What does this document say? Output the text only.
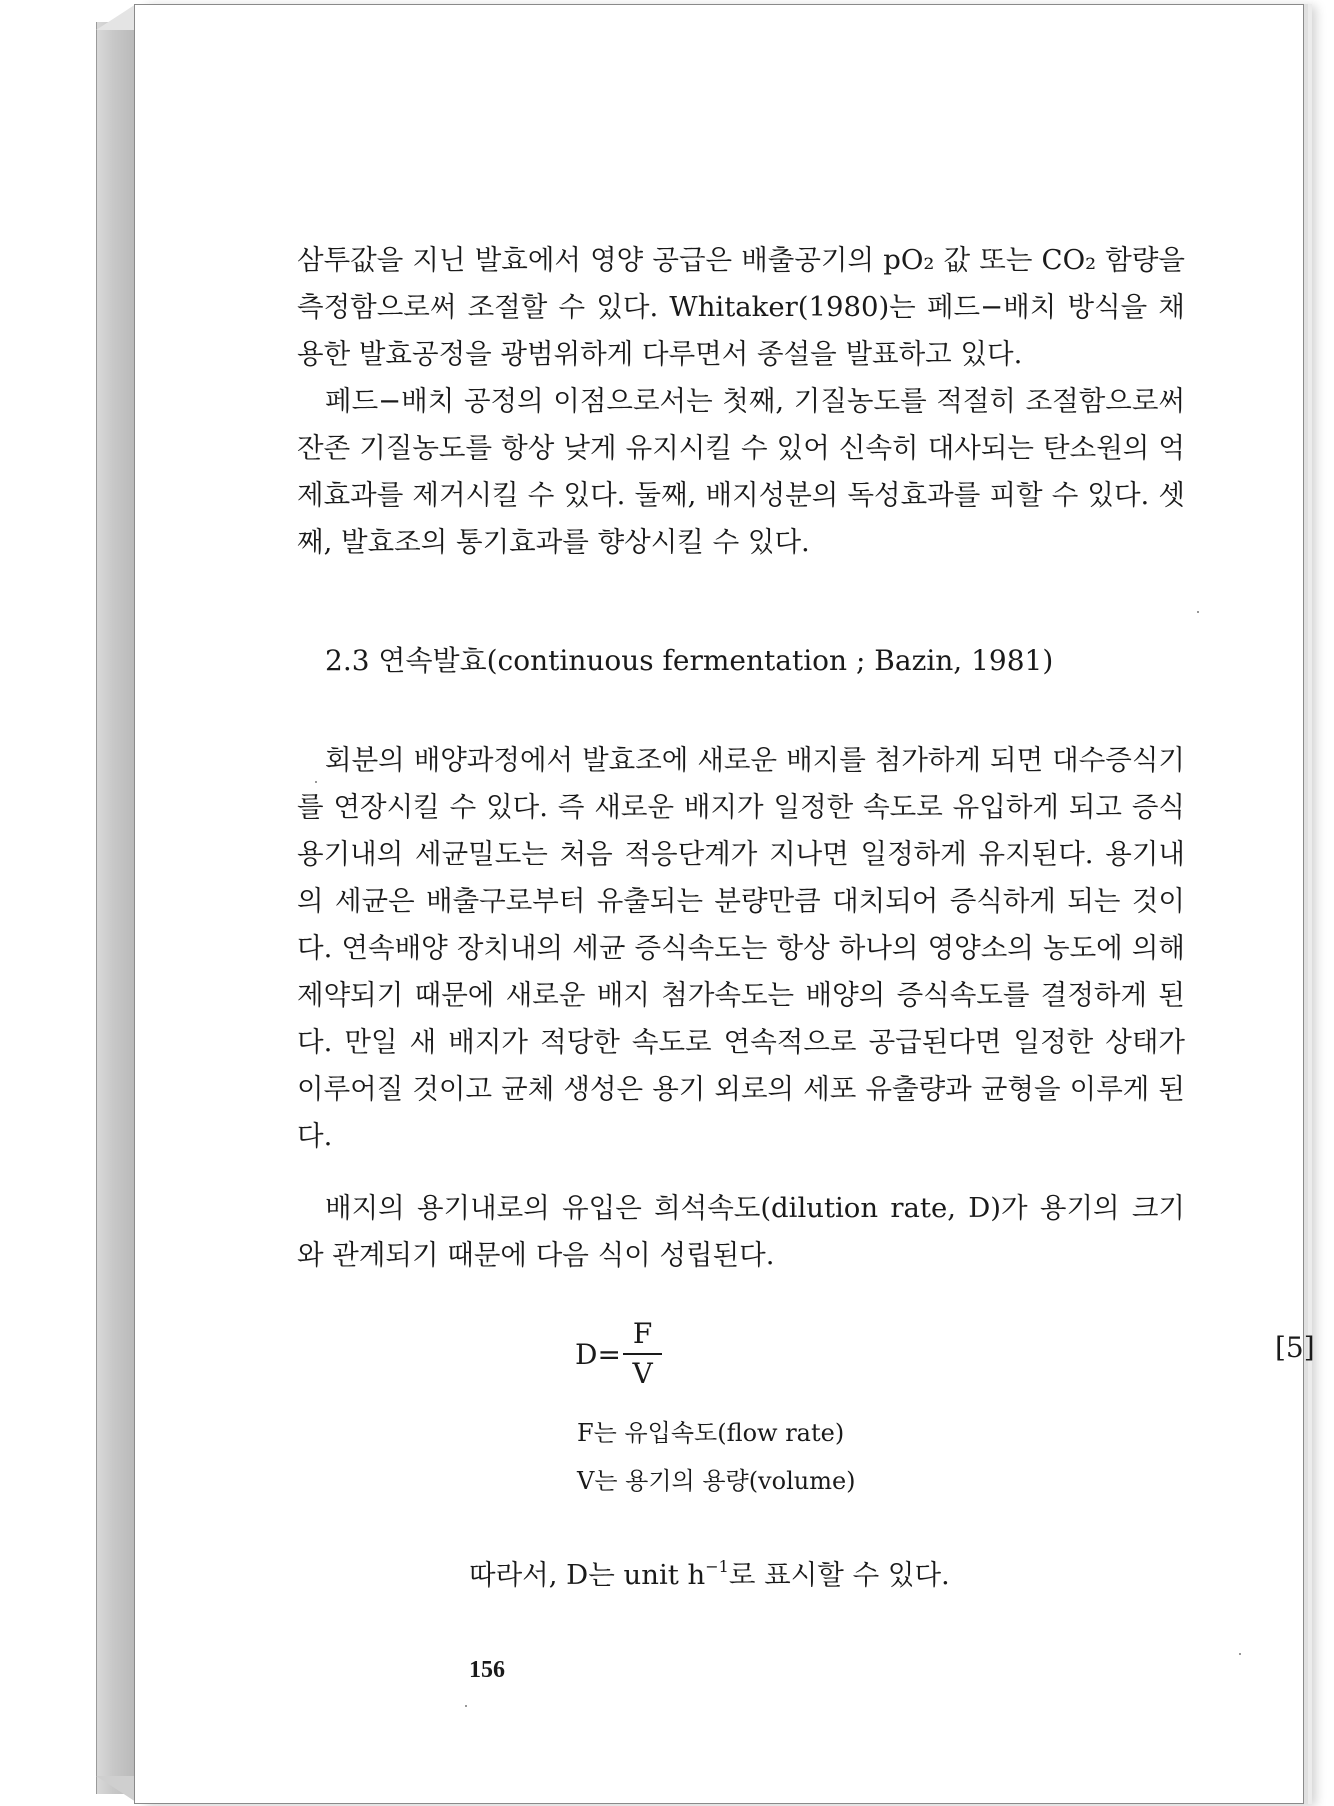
삼투값을 지닌 발효에서 영양 공급은 배출공기의 pO₂ 값 또는 CO₂ 함량을 측정함으로써 조절할 수 있다. Whitaker(1980)는 페드−배치 방식을 채용한 발효공정을 광범위하게 다루면서 종설을 발표하고 있다.

페드−배치 공정의 이점으로서는 첫째, 기질농도를 적절히 조절함으로써 잔존 기질농도를 항상 낮게 유지시킬 수 있어 신속히 대사되는 탄소원의 억제효과를 제거시킬 수 있다. 둘째, 배지성분의 독성효과를 피할 수 있다. 셋째, 발효조의 통기효과를 향상시킬 수 있다.

2.3 연속발효(continuous fermentation ; Bazin, 1981)

회분의 배양과정에서 발효조에 새로운 배지를 첨가하게 되면 대수증식기를 연장시킬 수 있다. 즉 새로운 배지가 일정한 속도로 유입하게 되고 증식용기내의 세균밀도는 처음 적응단계가 지나면 일정하게 유지된다. 용기내의 세균은 배출구로부터 유출되는 분량만큼 대치되어 증식하게 되는 것이다. 연속배양 장치내의 세균 증식속도는 항상 하나의 영양소의 농도에 의해 제약되기 때문에 새로운 배지 첨가속도는 배양의 증식속도를 결정하게 된다. 만일 새 배지가 적당한 속도로 연속적으로 공급된다면 일정한 상태가 이루어질 것이고 균체 생성은 용기 외로의 세포 유출량과 균형을 이루게 된다.

배지의 용기내로의 유입은 희석속도(dilution rate, D)가 용기의 크기와 관계되기 때문에 다음 식이 성립된다.

$D= \frac{F}{V}$	[5]
F는 유입속도(flow rate)
V는 용기의 용량(volume)
따라서, D는 unit $h^{-1}$로 표시할 수 있다.
156
